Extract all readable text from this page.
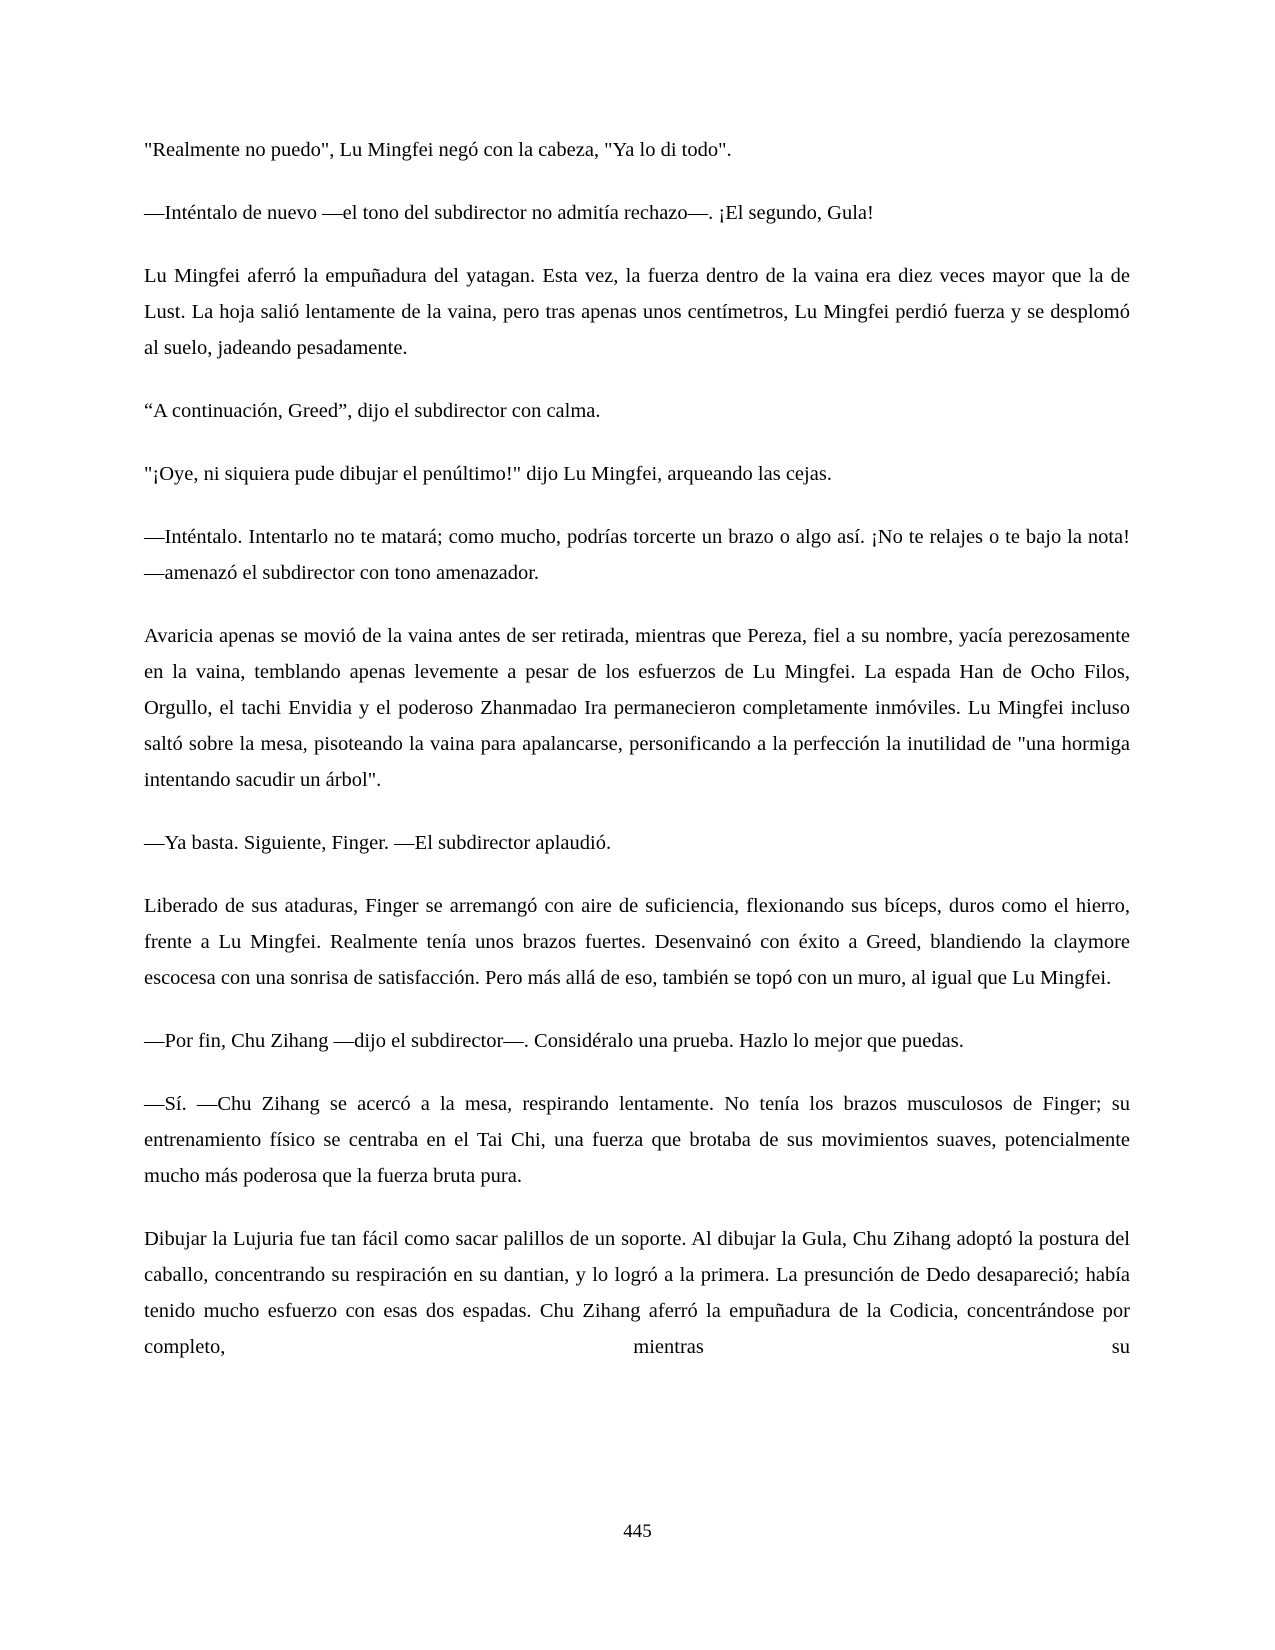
"Realmente no puedo", Lu Mingfei negó con la cabeza, "Ya lo di todo".

—Inténtalo de nuevo —el tono del subdirector no admitía rechazo—. ¡El segundo, Gula!

Lu Mingfei aferró la empuñadura del yatagan. Esta vez, la fuerza dentro de la vaina era diez veces mayor que la de Lust. La hoja salió lentamente de la vaina, pero tras apenas unos centímetros, Lu Mingfei perdió fuerza y se desplomó al suelo, jadeando pesadamente.

“A continuación, Greed”, dijo el subdirector con calma.

"¡Oye, ni siquiera pude dibujar el penúltimo!" dijo Lu Mingfei, arqueando las cejas.

—Inténtalo. Intentarlo no te matará; como mucho, podrías torcerte un brazo o algo así. ¡No te relajes o te bajo la nota! —amenazó el subdirector con tono amenazador.

Avaricia apenas se movió de la vaina antes de ser retirada, mientras que Pereza, fiel a su nombre, yacía perezosamente en la vaina, temblando apenas levemente a pesar de los esfuerzos de Lu Mingfei. La espada Han de Ocho Filos, Orgullo, el tachi Envidia y el poderoso Zhanmadao Ira permanecieron completamente inmóviles. Lu Mingfei incluso saltó sobre la mesa, pisoteando la vaina para apalancarse, personificando a la perfección la inutilidad de "una hormiga intentando sacudir un árbol".

—Ya basta. Siguiente, Finger. —El subdirector aplaudió.

Liberado de sus ataduras, Finger se arremangó con aire de suficiencia, flexionando sus bíceps, duros como el hierro, frente a Lu Mingfei. Realmente tenía unos brazos fuertes. Desenvainó con éxito a Greed, blandiendo la claymore escocesa con una sonrisa de satisfacción. Pero más allá de eso, también se topó con un muro, al igual que Lu Mingfei.

—Por fin, Chu Zihang —dijo el subdirector—. Considéralo una prueba. Hazlo lo mejor que puedas.

—Sí. —Chu Zihang se acercó a la mesa, respirando lentamente. No tenía los brazos musculosos de Finger; su entrenamiento físico se centraba en el Tai Chi, una fuerza que brotaba de sus movimientos suaves, potencialmente mucho más poderosa que la fuerza bruta pura.

Dibujar la Lujuria fue tan fácil como sacar palillos de un soporte. Al dibujar la Gula, Chu Zihang adoptó la postura del caballo, concentrando su respiración en su dantian, y lo logró a la primera. La presunción de Dedo desapareció; había tenido mucho esfuerzo con esas dos espadas. Chu Zihang aferró la empuñadura de la Codicia, concentrándose por completo, mientras su

445
